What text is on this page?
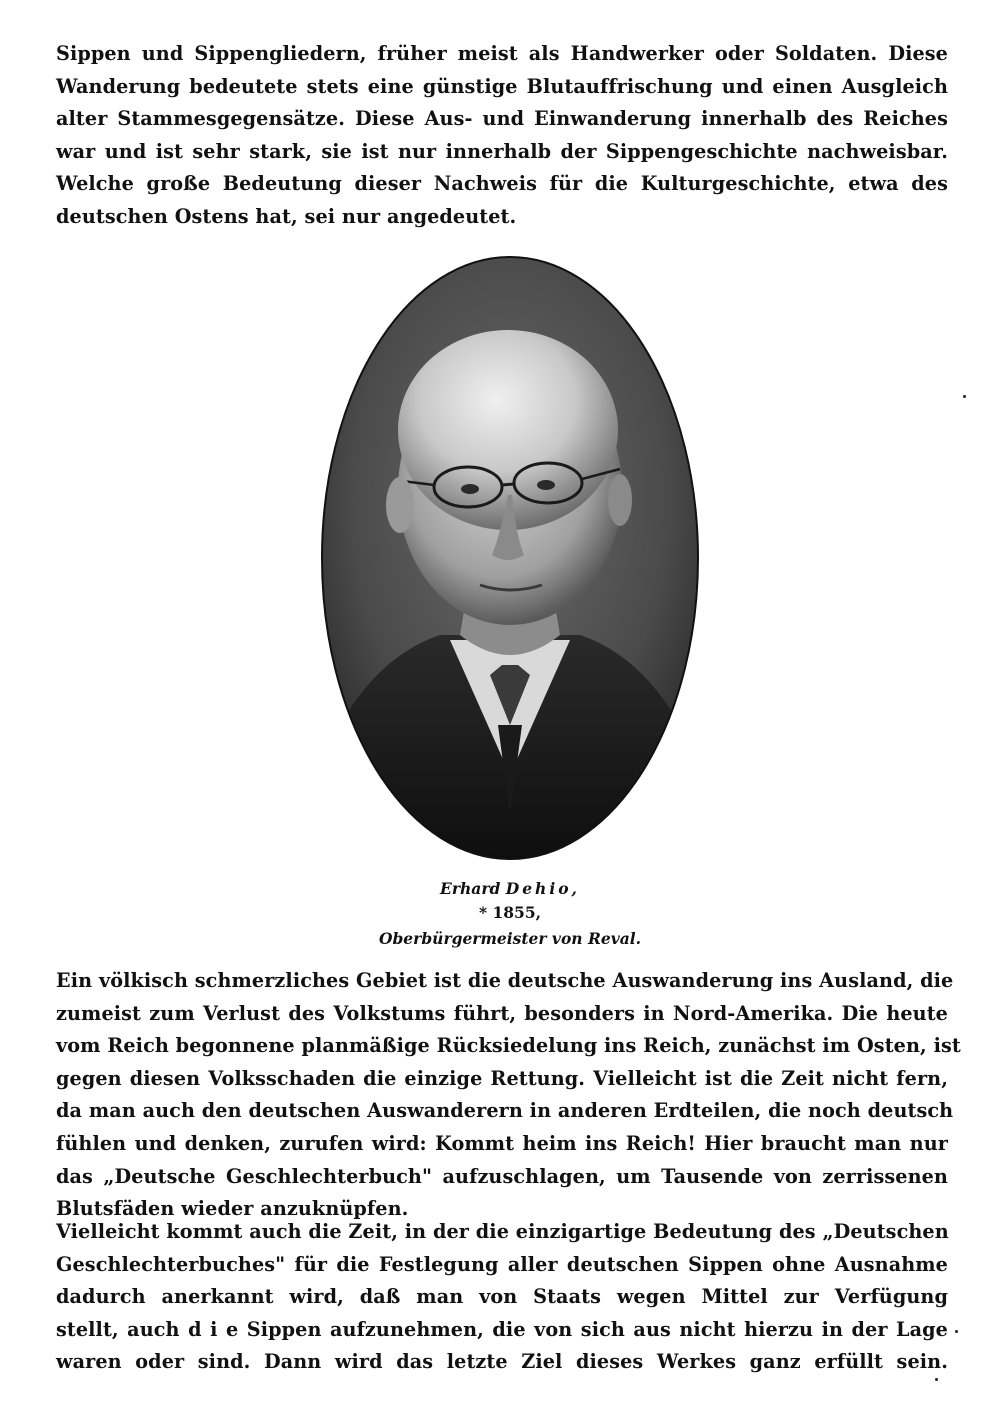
Sippen und Sippengliedern, früher meist als Handwerker oder Soldaten. Diese
Wanderung bedeutete stets eine günstige Blutauffrischung und einen Ausgleich
alter Stammesgegensätze. Diese Aus- und Einwanderung innerhalb des Reiches
war und ist sehr stark, sie ist nur innerhalb der Sippengeschichte nachweisbar.
Welche große Bedeutung dieser Nachweis für die Kulturgeschichte, etwa des
deutschen Ostens hat, sei nur angedeutet.

Erhard Dehio,
* 1855,
Oberbürgermeister von Reval.

Ein völkisch schmerzliches Gebiet ist die deutsche Auswanderung ins Ausland, die
zumeist zum Verlust des Volkstums führt, besonders in Nord-Amerika. Die heute
vom Reich begonnene planmäßige Rücksiedelung ins Reich, zunächst im Osten, ist
gegen diesen Volksschaden die einzige Rettung. Vielleicht ist die Zeit nicht fern,
da man auch den deutschen Auswanderern in anderen Erdteilen, die noch deutsch
fühlen und denken, zurufen wird: Kommt heim ins Reich! Hier braucht man nur
das „Deutsche Geschlechterbuch" aufzuschlagen, um Tausende von zerrissenen
Blutsfäden wieder anzuknüpfen.

Vielleicht kommt auch die Zeit, in der die einzigartige Bedeutung des „Deutschen
Geschlechterbuches" für die Festlegung aller deutschen Sippen ohne Ausnahme
dadurch anerkannt wird, daß man von Staats wegen Mittel zur Verfügung
stellt, auch d i e Sippen aufzunehmen, die von sich aus nicht hierzu in der Lage
waren oder sind. Dann wird das letzte Ziel dieses Werkes ganz erfüllt sein.
